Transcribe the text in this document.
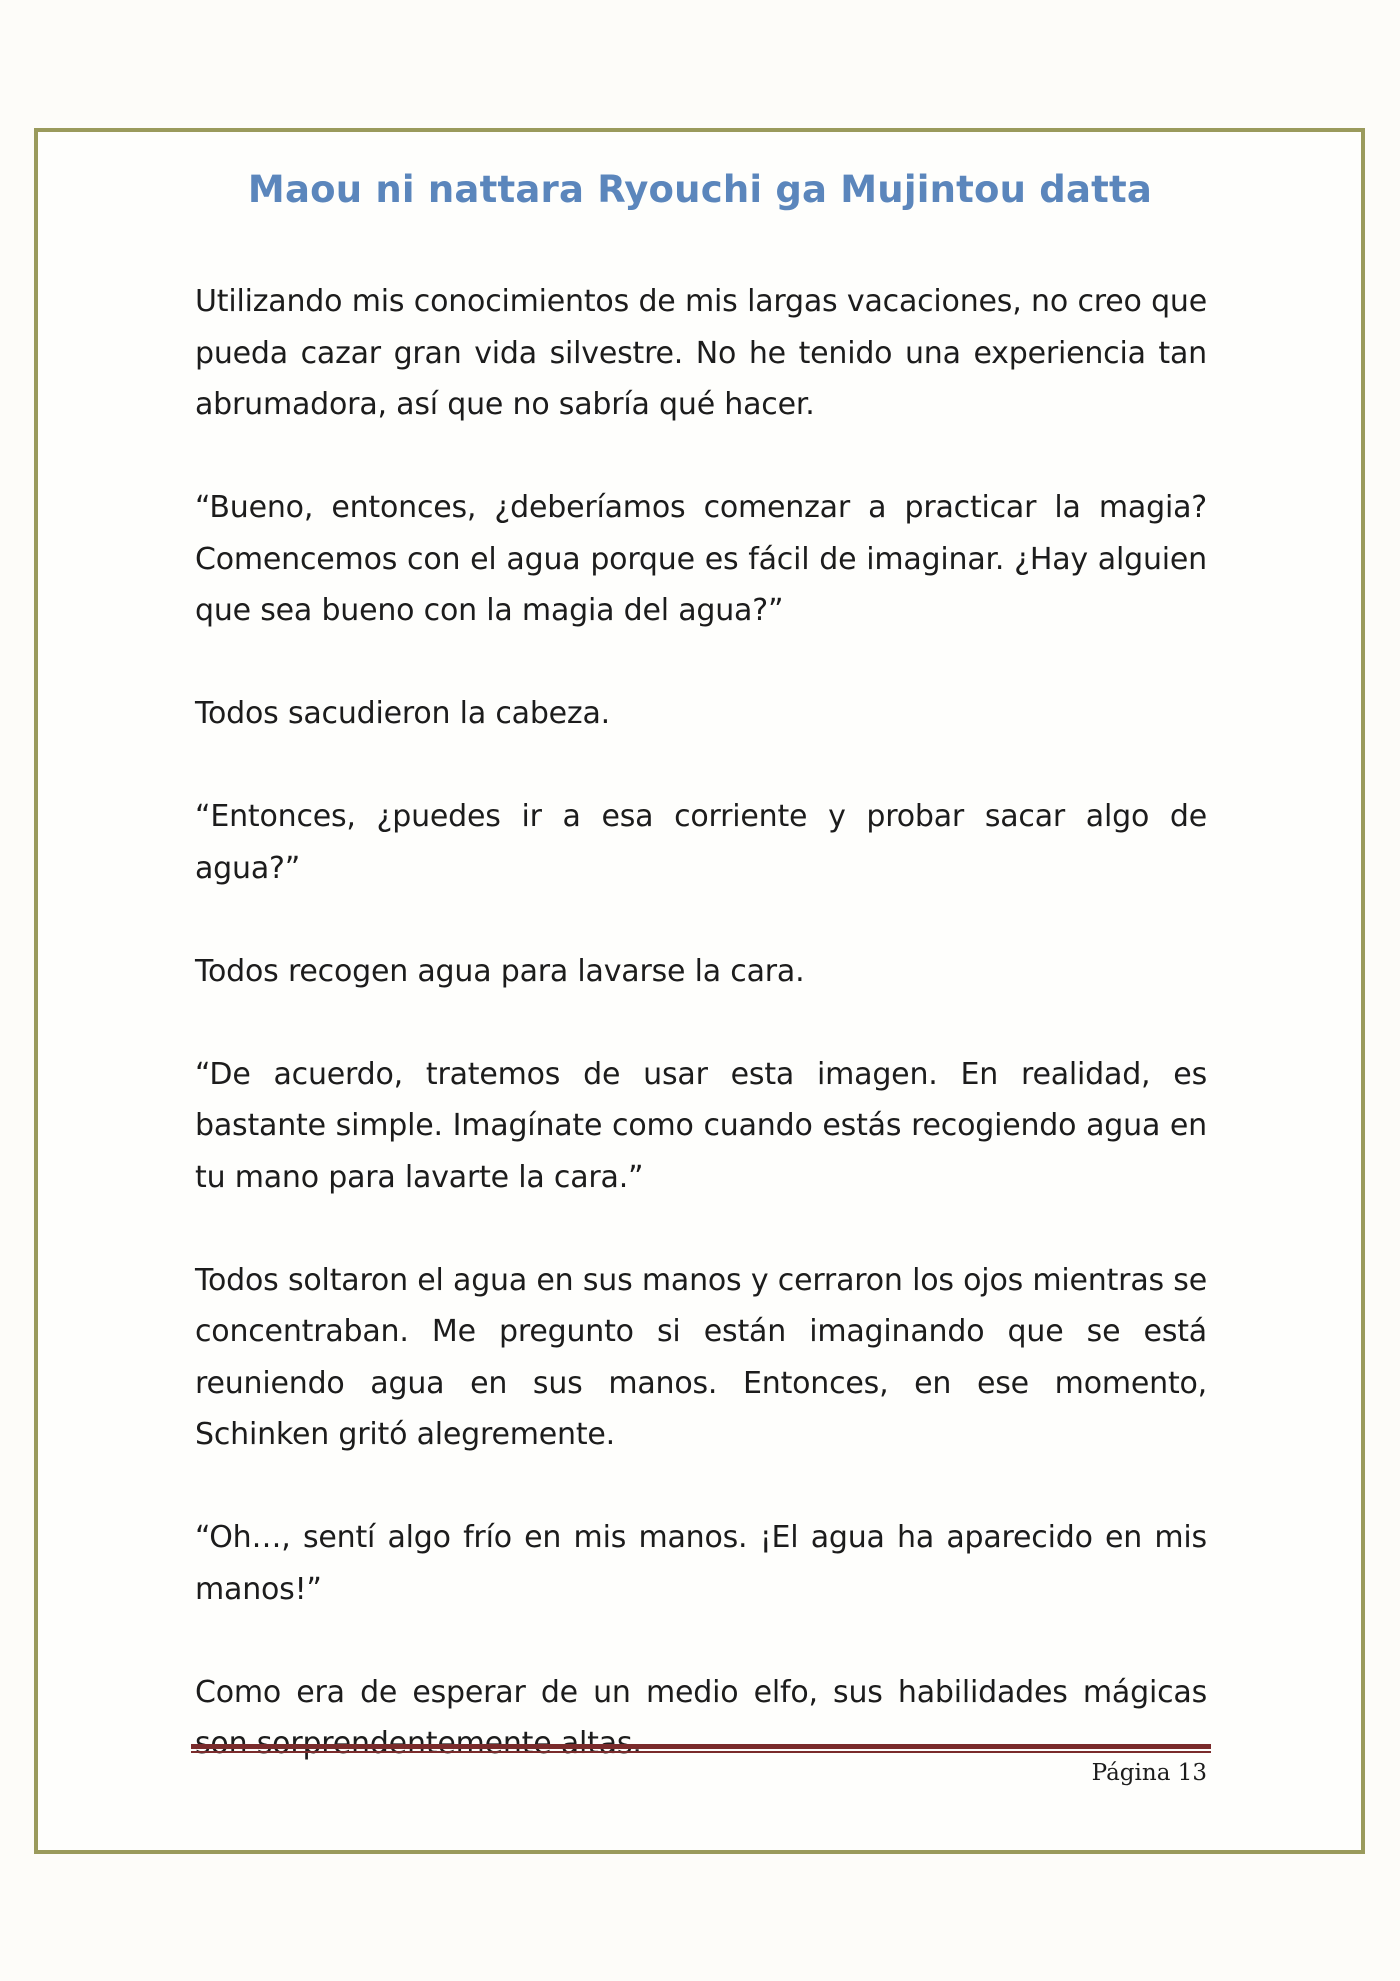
Maou ni nattara Ryouchi ga Mujintou datta

Utilizando mis conocimientos de mis largas vacaciones, no creo que pueda cazar gran vida silvestre. No he tenido una experiencia tan abrumadora, así que no sabría qué hacer.

“Bueno, entonces, ¿deberíamos comenzar a practicar la magia? Comencemos con el agua porque es fácil de imaginar. ¿Hay alguien que sea bueno con la magia del agua?”

Todos sacudieron la cabeza.

“Entonces, ¿puedes ir a esa corriente y probar sacar algo de agua?”

Todos recogen agua para lavarse la cara.

“De acuerdo, tratemos de usar esta imagen. En realidad, es bastante simple. Imagínate como cuando estás recogiendo agua en tu mano para lavarte la cara.”

Todos soltaron el agua en sus manos y cerraron los ojos mientras se concentraban. Me pregunto si están imaginando que se está reuniendo agua en sus manos. Entonces, en ese momento, Schinken gritó alegremente.

“Oh…, sentí algo frío en mis manos. ¡El agua ha aparecido en mis manos!”

Como era de esperar de un medio elfo, sus habilidades mágicas

Página 13
